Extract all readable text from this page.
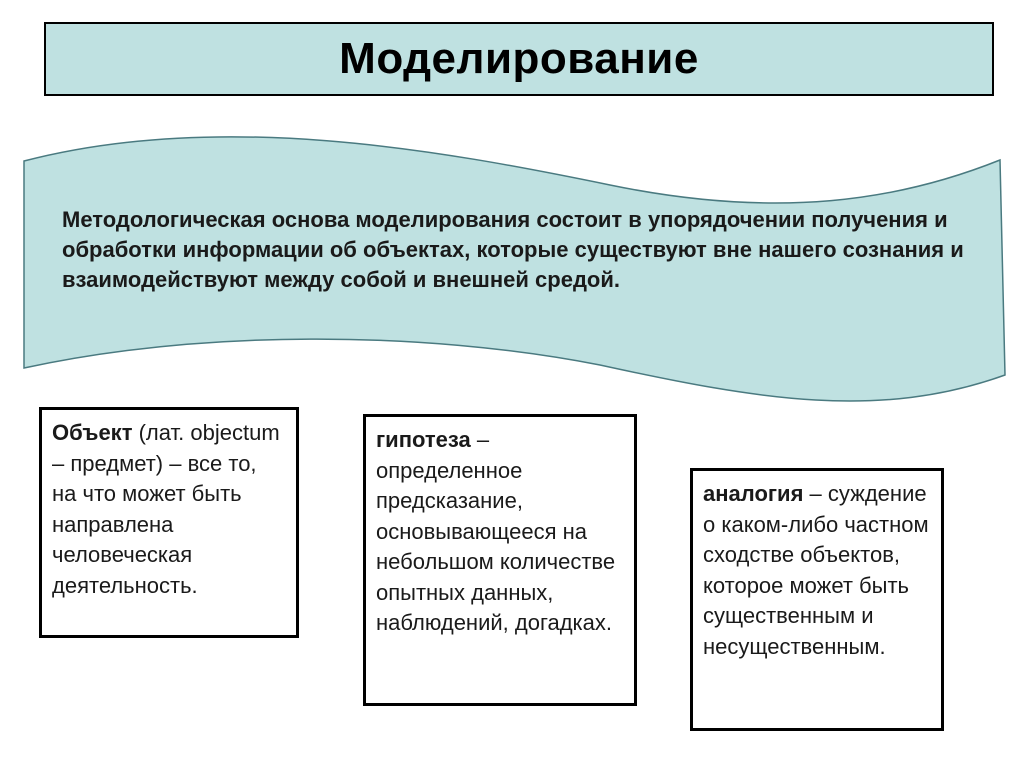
Моделирование

Методологическая основа моделирования состоит в упорядочении получения и обработки информации об объектах, которые существуют вне нашего сознания и взаимодействуют между собой и внешней средой.

Объект (лат. objectum – предмет) – все то, на что может быть направлена человеческая деятельность.
гипотеза – определенное предсказание, основывающееся на небольшом количестве опытных данных, наблюдений, догадках.
аналогия – суждение о каком-либо частном сходстве объектов, которое может быть существенным и несущественным.
